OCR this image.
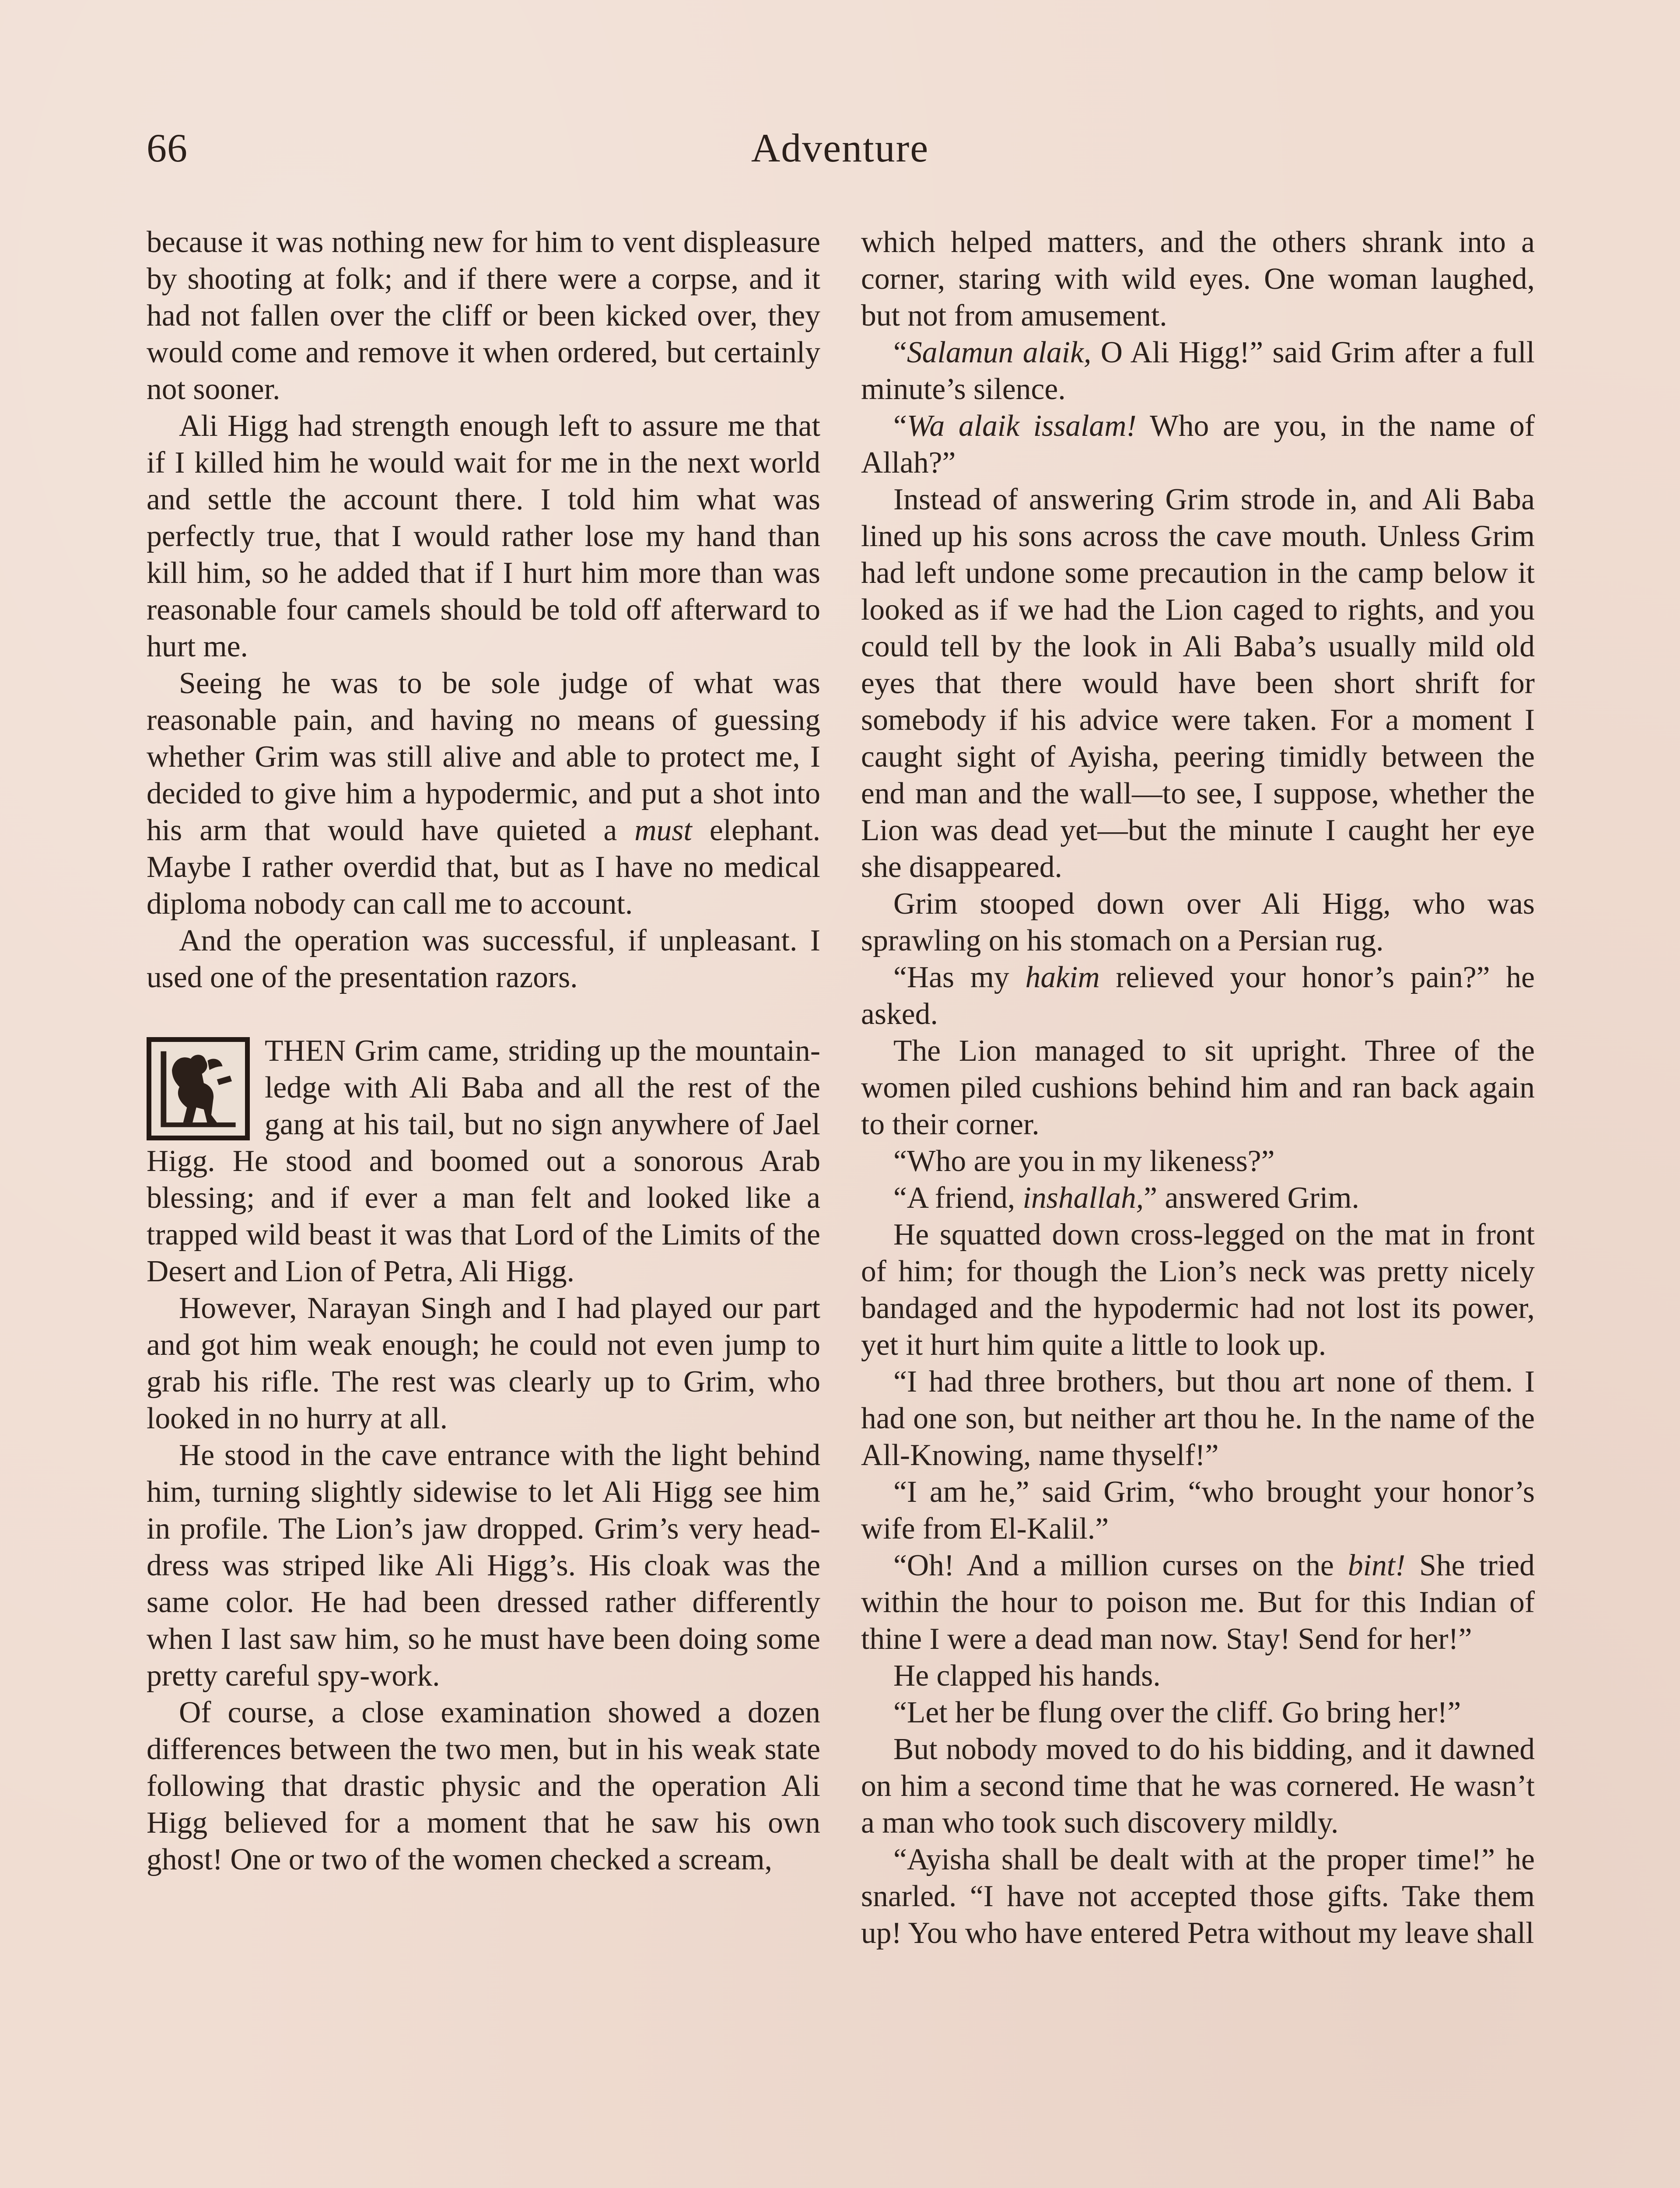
66	Adventure

because it was nothing new for him to vent displeasure by shooting at folk; and if there were a corpse, and it had not fallen over the cliff or been kicked over, they would come and remove it when ordered, but certainly not sooner.

Ali Higg had strength enough left to assure me that if I killed him he would wait for me in the next world and settle the account there. I told him what was perfectly true, that I would rather lose my hand than kill him, so he added that if I hurt him more than was reasonable four camels should be told off afterward to hurt me.

Seeing he was to be sole judge of what was reasonable pain, and having no means of guessing whether Grim was still alive and able to protect me, I decided to give him a hypodermic, and put a shot into his arm that would have quieted a must elephant. Maybe I rather overdid that, but as I have no medical diploma nobody can call me to account.

And the operation was successful, if unpleasant. I used one of the presentation razors.

THEN Grim came, striding up the mountain-ledge with Ali Baba and all the rest of the gang at his tail, but no sign anywhere of Jael Higg. He stood and boomed out a sonorous Arab blessing; and if ever a man felt and looked like a trapped wild beast it was that Lord of the Limits of the Desert and Lion of Petra, Ali Higg.

However, Narayan Singh and I had played our part and got him weak enough; he could not even jump to grab his rifle. The rest was clearly up to Grim, who looked in no hurry at all.

He stood in the cave entrance with the light behind him, turning slightly sidewise to let Ali Higg see him in profile. The Lion’s jaw dropped. Grim’s very head-dress was striped like Ali Higg’s. His cloak was the same color. He had been dressed rather differently when I last saw him, so he must have been doing some pretty careful spy-work.

Of course, a close examination showed a dozen differences between the two men, but in his weak state following that drastic physic and the operation Ali Higg believed for a moment that he saw his own ghost! One or two of the women checked a scream,

which helped matters, and the others shrank into a corner, staring with wild eyes. One woman laughed, but not from amusement.

“Salamun alaik, O Ali Higg!” said Grim after a full minute’s silence.

“Wa alaik issalam! Who are you, in the name of Allah?”

Instead of answering Grim strode in, and Ali Baba lined up his sons across the cave mouth. Unless Grim had left undone some precaution in the camp below it looked as if we had the Lion caged to rights, and you could tell by the look in Ali Baba’s usually mild old eyes that there would have been short shrift for somebody if his advice were taken. For a moment I caught sight of Ayisha, peering timidly between the end man and the wall—to see, I suppose, whether the Lion was dead yet—but the minute I caught her eye she disappeared.

Grim stooped down over Ali Higg, who was sprawling on his stomach on a Persian rug.

“Has my hakim relieved your honor’s pain?” he asked.

The Lion managed to sit upright. Three of the women piled cushions behind him and ran back again to their corner.

“Who are you in my likeness?”

“A friend, inshallah,” answered Grim.

He squatted down cross-legged on the mat in front of him; for though the Lion’s neck was pretty nicely bandaged and the hypodermic had not lost its power, yet it hurt him quite a little to look up.

“I had three brothers, but thou art none of them. I had one son, but neither art thou he. In the name of the All-Knowing, name thyself!”

“I am he,” said Grim, “who brought your honor’s wife from El-Kalil.”

“Oh! And a million curses on the bint! She tried within the hour to poison me. But for this Indian of thine I were a dead man now. Stay! Send for her!”

He clapped his hands.

“Let her be flung over the cliff. Go bring her!”

But nobody moved to do his bidding, and it dawned on him a second time that he was cornered. He wasn’t a man who took such discovery mildly.

“Ayisha shall be dealt with at the proper time!” he snarled. “I have not accepted those gifts. Take them up! You who have entered Petra without my leave shall
